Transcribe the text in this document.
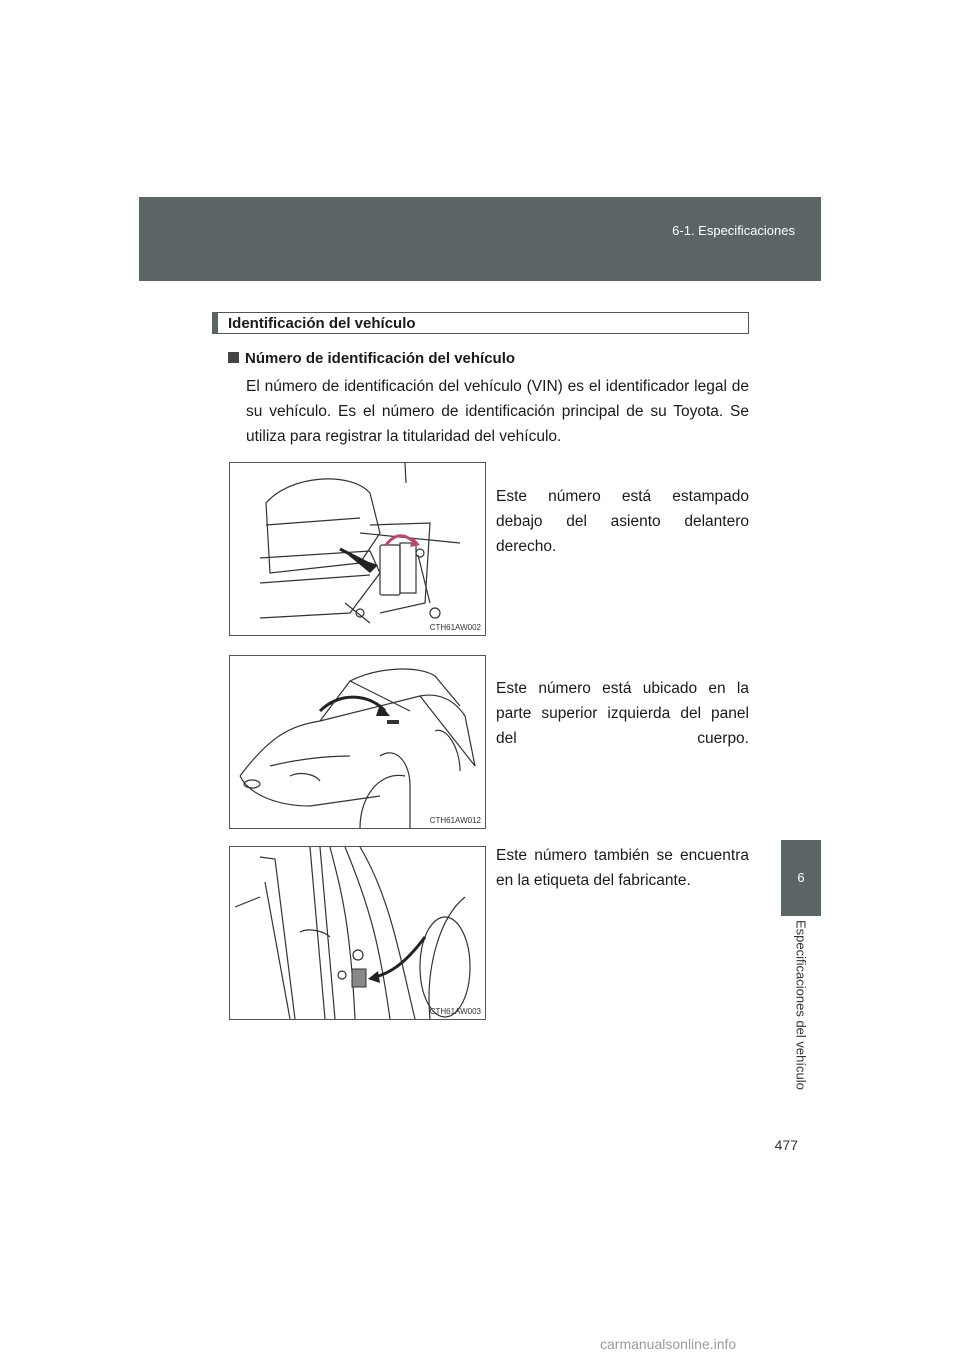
6-1. Especificaciones
6
Especificaciones del vehículo
477
Identificación del vehículo
Número de identificación del vehículo
El número de identificación del vehículo (VIN) es el identificador legal de su vehículo. Es el número de identificación principal de su Toyota. Se utiliza para registrar la titularidad del vehículo.
CTH61AW002
Este número está estampado debajo del asiento delantero derecho.
CTH61AW012
Este número está ubicado en la parte superior izquierda del panel del cuerpo.
CTH61AW003
Este número también se encuentra en la etiqueta del fabricante.
carmanualsonline.info
